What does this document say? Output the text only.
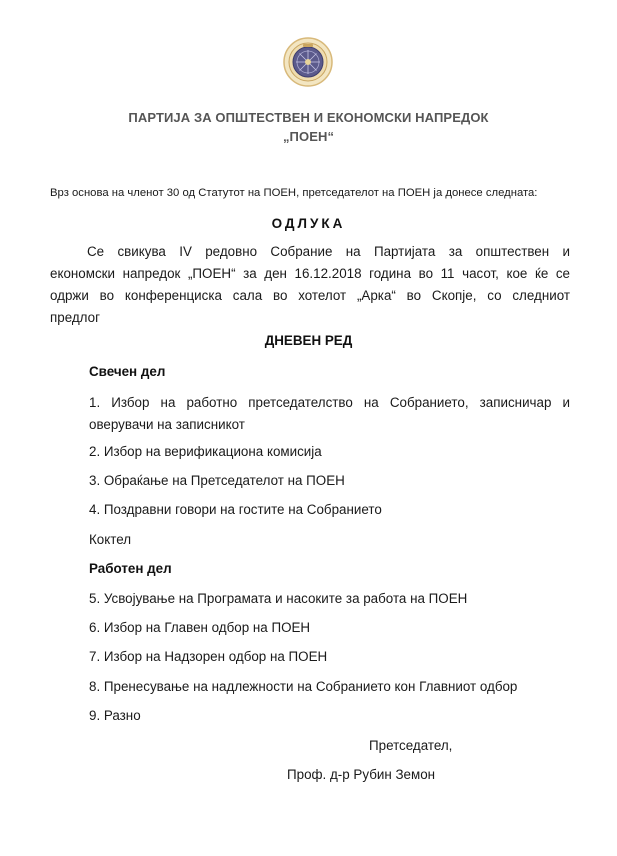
ПАРТИЈА ЗА ОПШТЕСТВЕН И ЕКОНОМСКИ НАПРЕДОК
„ПОЕН“
Врз основа на членот 30 од Статутот на ПОЕН, претседателот на ПОЕН ја донесе следната:
ОДЛУКА
Се свикува IV редовно Собрание на Партијата за општествен и
економски напредок „ПОЕН“ за ден 16.12.2018 година во 11 часот, кое ќе се
одржи во конференциска сала во хотелот „Арка“ во Скопје, со следниот
предлог
ДНЕВЕН РЕД
Свечен дел
1. Избор на работно претседателство на Собранието, записничар и
оверувачи на записникот
2. Избор на верификациона комисија
3. Обраќање на Претседателот на ПОЕН
4. Поздравни говори на гостите на Собранието
Коктел
Работен дел
5. Усвојување на Програмата и насоките за работа на ПОЕН
6. Избор на Главен одбор на ПОЕН
7. Избор на Надзорен одбор на ПОЕН
8. Пренесување на надлежности на Собранието кон Главниот одбор
9. Разно
Претседател,
Проф. д-р Рубин Земон
